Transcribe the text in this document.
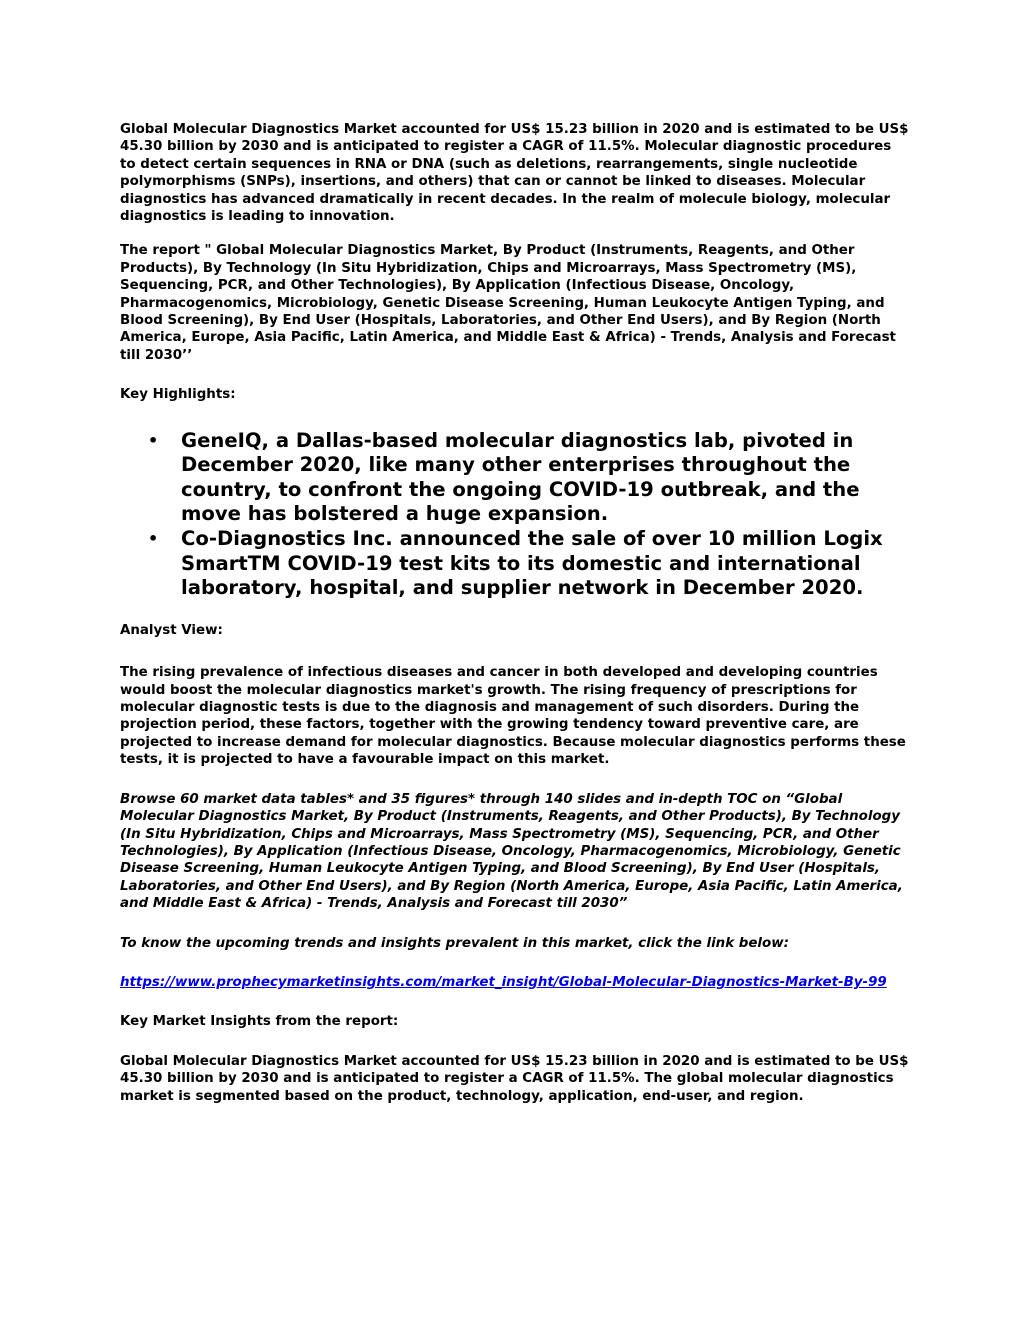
Global Molecular Diagnostics Market accounted for US$ 15.23 billion in 2020 and is estimated to be US$ 45.30 billion by 2030 and is anticipated to register a CAGR of 11.5%. Molecular diagnostic procedures to detect certain sequences in RNA or DNA (such as deletions, rearrangements, single nucleotide polymorphisms (SNPs), insertions, and others) that can or cannot be linked to diseases. Molecular diagnostics has advanced dramatically in recent decades. In the realm of molecule biology, molecular diagnostics is leading to innovation.

The report " Global Molecular Diagnostics Market, By Product (Instruments, Reagents, and Other Products), By Technology (In Situ Hybridization, Chips and Microarrays, Mass Spectrometry (MS), Sequencing, PCR, and Other Technologies), By Application (Infectious Disease, Oncology, Pharmacogenomics, Microbiology, Genetic Disease Screening, Human Leukocyte Antigen Typing, and Blood Screening), By End User (Hospitals, Laboratories, and Other End Users), and By Region (North America, Europe, Asia Pacific, Latin America, and Middle East & Africa) - Trends, Analysis and Forecast till 2030’’

Key Highlights:

• GeneIQ, a Dallas-based molecular diagnostics lab, pivoted in December 2020, like many other enterprises throughout the country, to confront the ongoing COVID-19 outbreak, and the move has bolstered a huge expansion.
• Co-Diagnostics Inc. announced the sale of over 10 million Logix SmartTM COVID-19 test kits to its domestic and international laboratory, hospital, and supplier network in December 2020.

Analyst View:

The rising prevalence of infectious diseases and cancer in both developed and developing countries would boost the molecular diagnostics market's growth. The rising frequency of prescriptions for molecular diagnostic tests is due to the diagnosis and management of such disorders. During the projection period, these factors, together with the growing tendency toward preventive care, are projected to increase demand for molecular diagnostics. Because molecular diagnostics performs these tests, it is projected to have a favourable impact on this market.

Browse 60 market data tables* and 35 figures* through 140 slides and in-depth TOC on “Global Molecular Diagnostics Market, By Product (Instruments, Reagents, and Other Products), By Technology (In Situ Hybridization, Chips and Microarrays, Mass Spectrometry (MS), Sequencing, PCR, and Other Technologies), By Application (Infectious Disease, Oncology, Pharmacogenomics, Microbiology, Genetic Disease Screening, Human Leukocyte Antigen Typing, and Blood Screening), By End User (Hospitals, Laboratories, and Other End Users), and By Region (North America, Europe, Asia Pacific, Latin America, and Middle East & Africa) - Trends, Analysis and Forecast till 2030”

To know the upcoming trends and insights prevalent in this market, click the link below:

https://www.prophecymarketinsights.com/market_insight/Global-Molecular-Diagnostics-Market-By-99

Key Market Insights from the report:

Global Molecular Diagnostics Market accounted for US$ 15.23 billion in 2020 and is estimated to be US$ 45.30 billion by 2030 and is anticipated to register a CAGR of 11.5%. The global molecular diagnostics market is segmented based on the product, technology, application, end-user, and region.
